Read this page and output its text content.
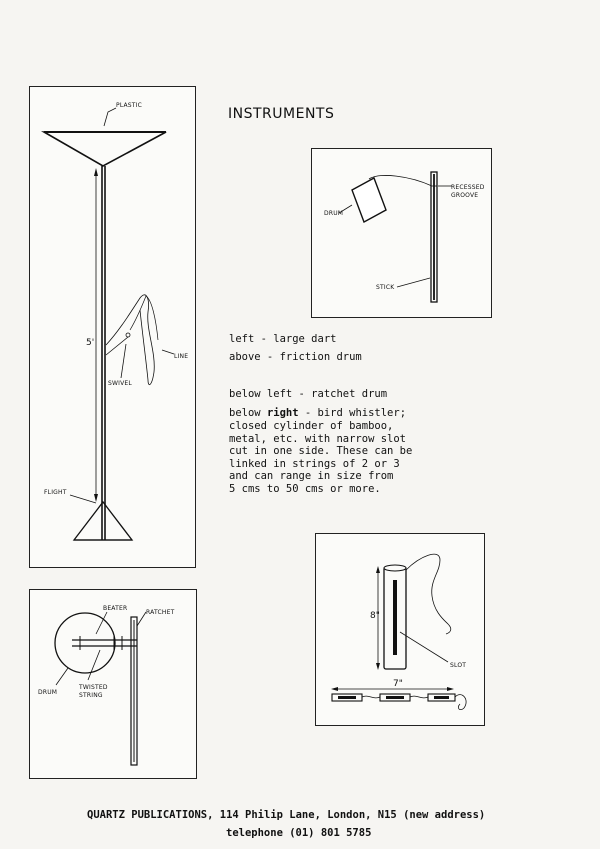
PLASTIC
5'
LINE
SWIVEL
FLIGHT
INSTRUMENTS
DRUM
RECESSED
GROOVE
STICK
left - large dart
above - friction drum
below left - ratchet drum
below right - bird whistler;
closed cylinder of bamboo,
metal, etc. with narrow slot
cut in one side. These can be
linked in strings of 2 or 3
and can range in size from
5 cms to 50 cms or more.
BEATER
RATCHET
DRUM
TWISTED
STRING
8"
SLOT
7"
QUARTZ PUBLICATIONS, 114 Philip Lane, London, N15 (new address)
telephone (01) 801 5785
